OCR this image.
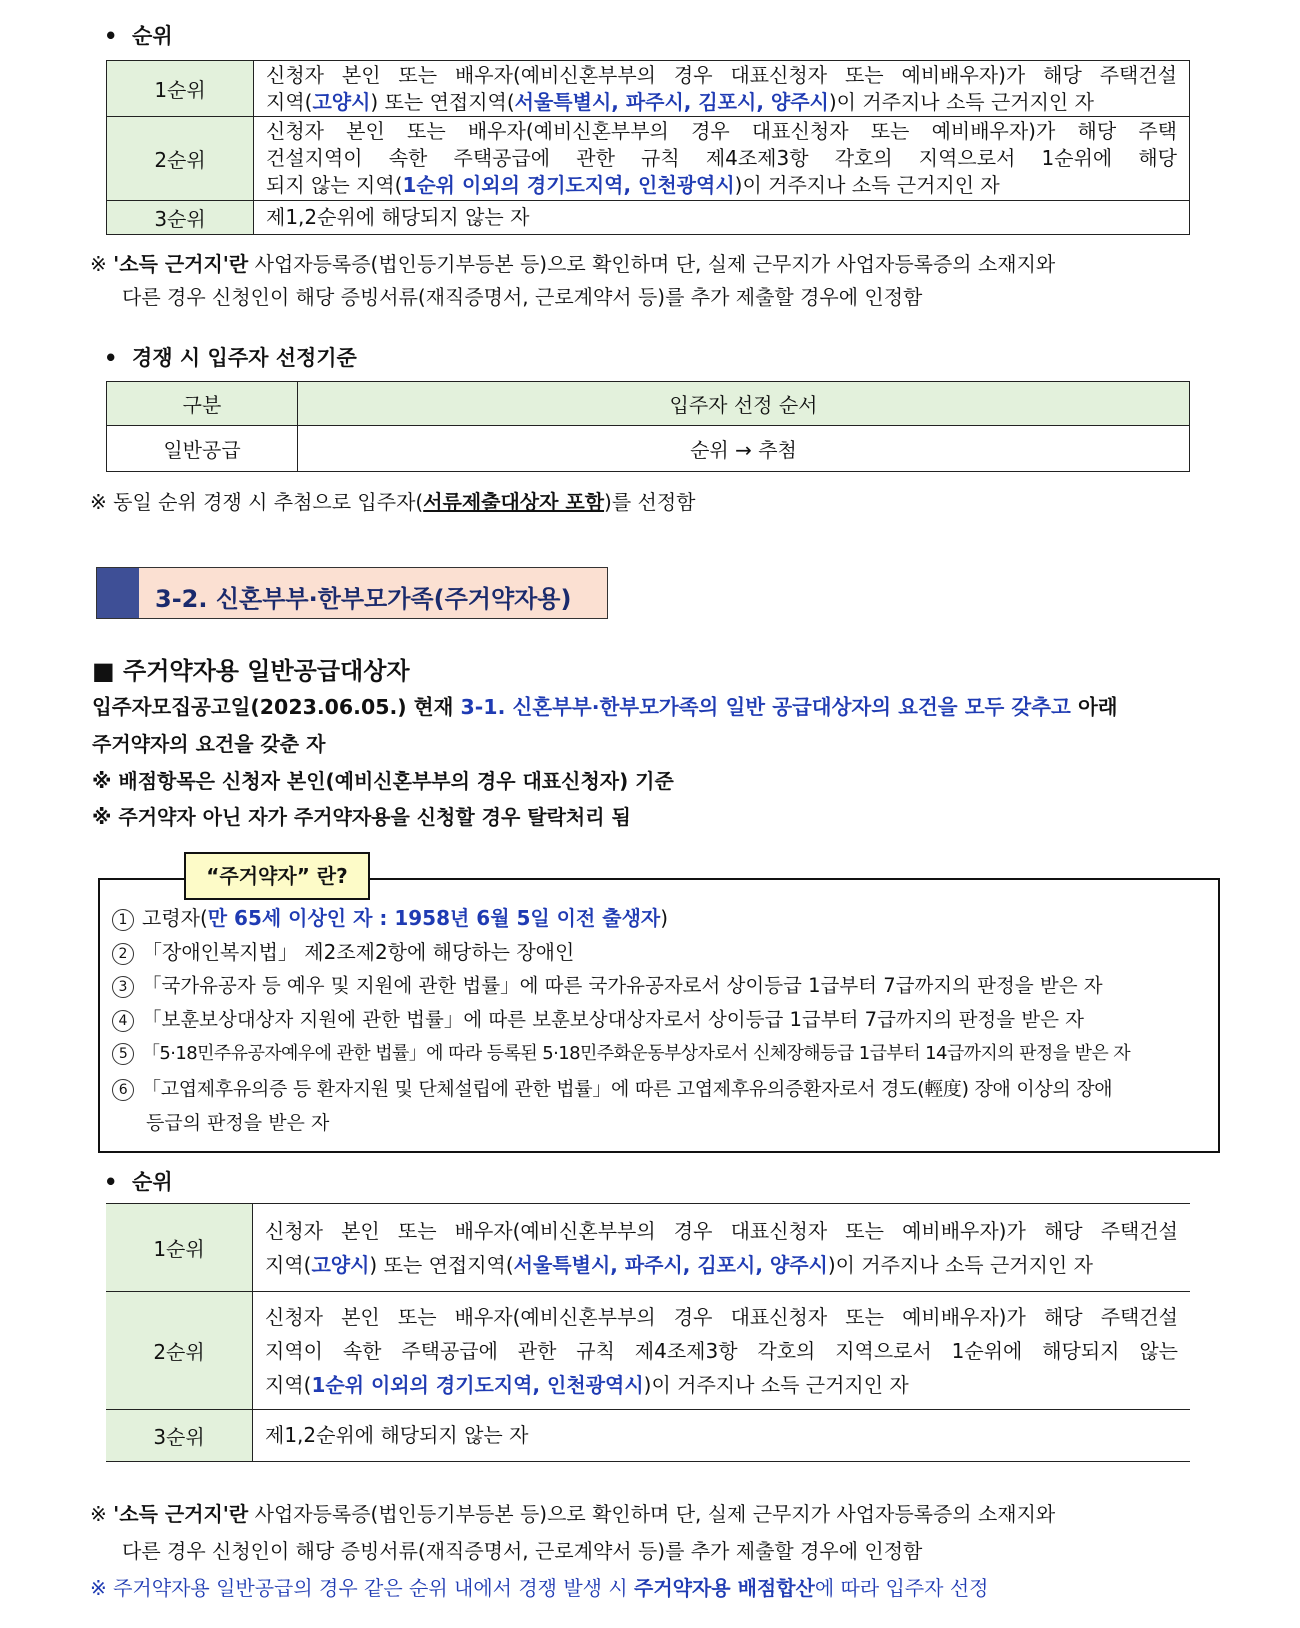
•  순위
1순위	신청자 본인 또는 배우자(예비신혼부부의 경우 대표신청자 또는 예비배우자)가 해당 주택건설
지역(고양시) 또는 연접지역(서울특별시, 파주시, 김포시, 양주시)이 거주지나 소득 근거지인 자
2순위	신청자 본인 또는 배우자(예비신혼부부의 경우 대표신청자 또는 예비배우자)가 해당 주택
건설지역이 속한 주택공급에 관한 규칙 제4조제3항 각호의 지역으로서 1순위에 해당
되지 않는 지역(1순위 이외의 경기도지역, 인천광역시)이 거주지나 소득 근거지인 자
3순위	제1,2순위에 해당되지 않는 자
※ '소득 근거지'란 사업자등록증(법인등기부등본 등)으로 확인하며 단, 실제 근무지가 사업자등록증의 소재지와
다른 경우 신청인이 해당 증빙서류(재직증명서, 근로계약서 등)를 추가 제출할 경우에 인정함
•  경쟁 시 입주자 선정기준
구분	입주자 선정 순서
일반공급	순위 → 추첨
※ 동일 순위 경쟁 시 추첨으로 입주자(서류제출대상자 포함)를 선정함
3-2. 신혼부부·한부모가족(주거약자용)
■ 주거약자용 일반공급대상자
입주자모집공고일(2023.06.05.) 현재 3-1. 신혼부부·한부모가족의 일반 공급대상자의 요건을 모두 갖추고 아래
주거약자의 요건을 갖춘 자
※ 배점항목은 신청자 본인(예비신혼부부의 경우 대표신청자) 기준
※ 주거약자 아닌 자가 주거약자용을 신청할 경우 탈락처리 됨
“주거약자” 란?
1 고령자(만 65세 이상인 자 : 1958년 6월 5일 이전 출생자)
2 「장애인복지법」 제2조제2항에 해당하는 장애인
3 「국가유공자 등 예우 및 지원에 관한 법률」에 따른 국가유공자로서 상이등급 1급부터 7급까지의 판정을 받은 자
4 「보훈보상대상자 지원에 관한 법률」에 따른 보훈보상대상자로서 상이등급 1급부터 7급까지의 판정을 받은 자
5 「5·18민주유공자예우에 관한 법률」에 따라 등록된 5·18민주화운동부상자로서 신체장해등급 1급부터 14급까지의 판정을 받은 자
6 「고엽제후유의증 등 환자지원 및 단체설립에 관한 법률」에 따른 고엽제후유의증환자로서 경도(輕度) 장애 이상의 장애
등급의 판정을 받은 자
•  순위
1순위	신청자 본인 또는 배우자(예비신혼부부의 경우 대표신청자 또는 예비배우자)가 해당 주택건설
지역(고양시) 또는 연접지역(서울특별시, 파주시, 김포시, 양주시)이 거주지나 소득 근거지인 자
2순위	신청자 본인 또는 배우자(예비신혼부부의 경우 대표신청자 또는 예비배우자)가 해당 주택건설
지역이 속한 주택공급에 관한 규칙 제4조제3항 각호의 지역으로서 1순위에 해당되지 않는
지역(1순위 이외의 경기도지역, 인천광역시)이 거주지나 소득 근거지인 자
3순위	제1,2순위에 해당되지 않는 자
※ '소득 근거지'란 사업자등록증(법인등기부등본 등)으로 확인하며 단, 실제 근무지가 사업자등록증의 소재지와
다른 경우 신청인이 해당 증빙서류(재직증명서, 근로계약서 등)를 추가 제출할 경우에 인정함
※ 주거약자용 일반공급의 경우 같은 순위 내에서 경쟁 발생 시 주거약자용 배점합산에 따라 입주자 선정
